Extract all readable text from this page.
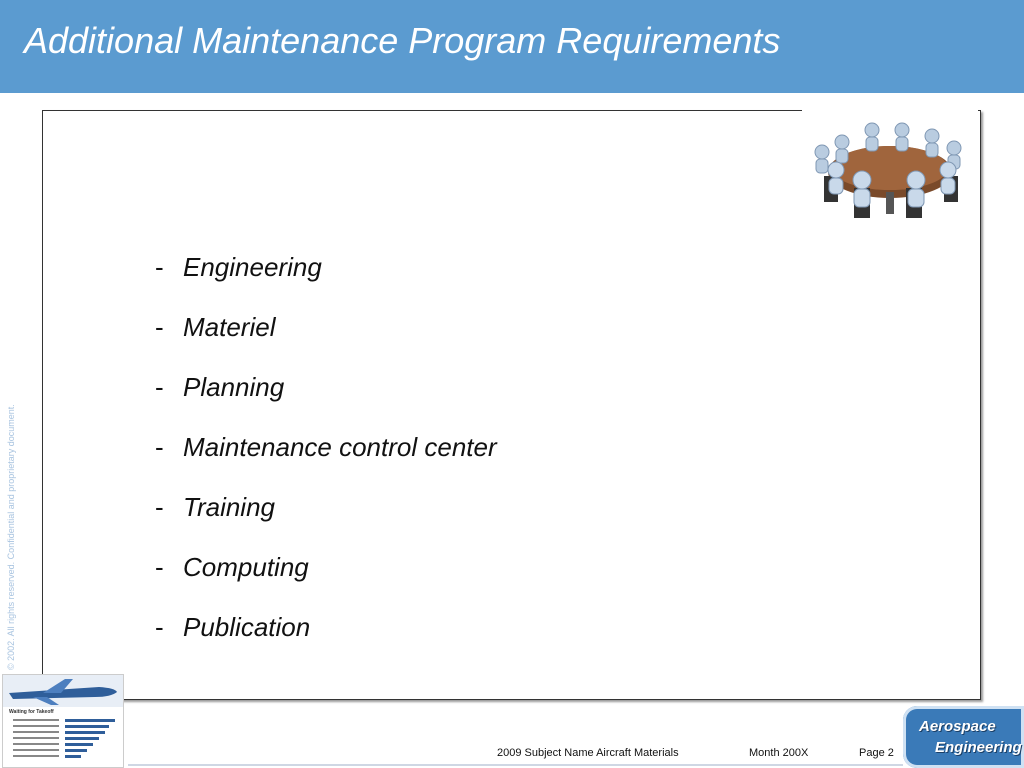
Additional Maintenance Program Requirements
- Engineering
- Materiel
- Planning
- Maintenance control center
- Training
- Computing
- Publication
© 2002. All rights reserved. Confidential and proprietary document.
Waiting for Takeoff
2009 Subject Name Aircraft Materials	Month 200X	Page 2
Aerospace
Engineering
